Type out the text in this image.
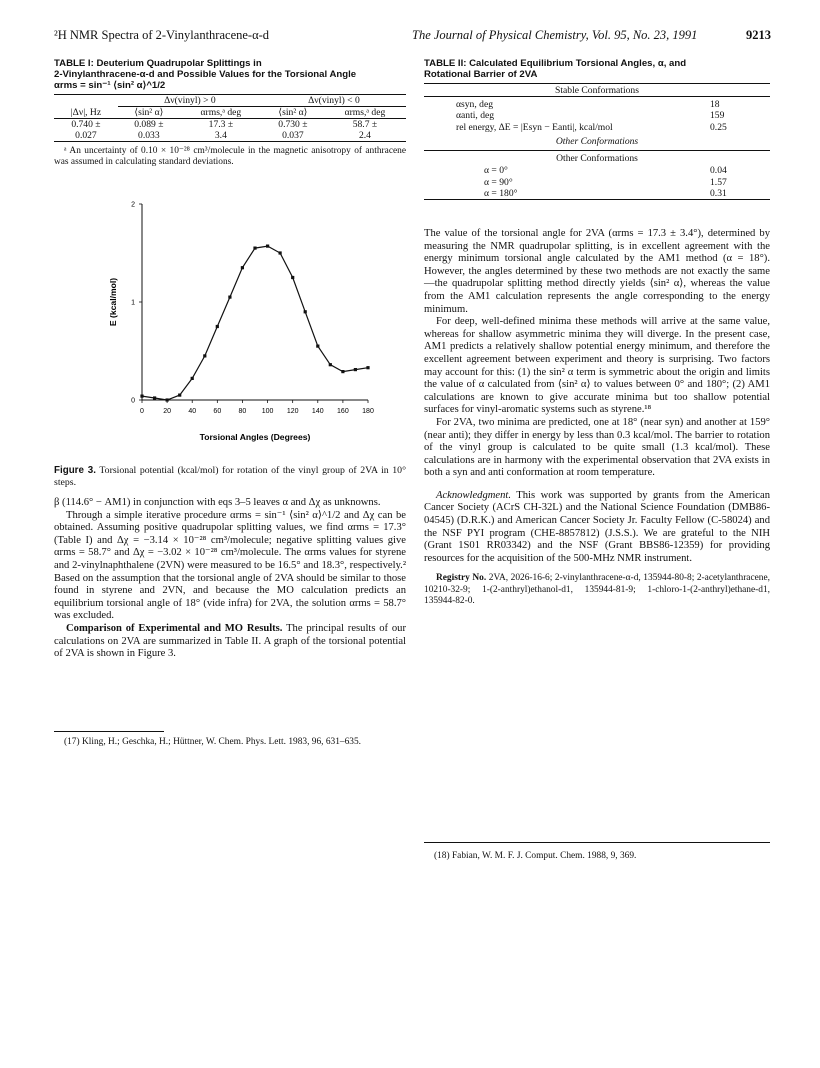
²H NMR Spectra of 2-Vinylanthracene-α-d	The Journal of Physical Chemistry, Vol. 95, No. 23, 1991	9213
TABLE I: Deuterium Quadrupolar Splittings in
2-Vinylanthracene-α-d and Possible Values for the Torsional Angle
αrms = sin⁻¹ ⟨sin² α⟩^1/2
	Δν(vinyl) > 0		Δν(vinyl) < 0	
|Δν|, Hz	⟨sin² α⟩	αrms,ᵃ deg	⟨sin² α⟩	αrms,ᵃ deg
0.740 ±	0.089 ±	17.3 ±	0.730 ±	58.7 ±
0.027	0.033	3.4	0.037	2.4
ᵃ An uncertainty of 0.10 × 10⁻²⁸ cm³/molecule in the magnetic anisotropy of anthracene was assumed in calculating standard deviations.
0	20 40 60 80 100 120 140 160 180
0
1
2
Torsional Angles (Degrees)
E (kcal/mol)
Figure 3. Torsional potential (kcal/mol) for rotation of the vinyl group of 2VA in 10° steps.

β (114.6° − AM1) in conjunction with eqs 3–5 leaves α and Δχ as unknowns.

Through a simple iterative procedure αrms = sin⁻¹ ⟨sin² α⟩^1/2 and Δχ can be obtained. Assuming positive quadrupolar splitting values, we find αrms = 17.3° (Table I) and Δχ = −3.14 × 10⁻²⁸ cm³/molecule; negative splitting values give αrms = 58.7° and Δχ = −3.02 × 10⁻²⁸ cm³/molecule. The αrms values for styrene and 2-vinylnaphthalene (2VN) were measured to be 16.5° and 18.3°, respectively.² Based on the assumption that the torsional angle of 2VA should be similar to those found in styrene and 2VN, and because the MO calculation predicts an equilibrium torsional angle of 18° (vide infra) for 2VA, the solution αrms = 58.7° was excluded.

Comparison of Experimental and MO Results. The principal results of our calculations on 2VA are summarized in Table II. A graph of the torsional potential of 2VA is shown in Figure 3.

(17) Kling, H.; Geschka, H.; Hüttner, W. Chem. Phys. Lett. 1983, 96, 631–635.
TABLE II: Calculated Equilibrium Torsional Angles, α, and
Rotational Barrier of 2VA
Stable Conformations
αsyn, deg	18
αanti, deg	159
rel energy, ΔE = |Esyn − Eanti|, kcal/mol	0.25
Other Conformations
Other Conformations
α = 0°	0.04
α = 90°	1.57
α = 180°	0.31

The value of the torsional angle for 2VA (αrms = 17.3 ± 3.4°), determined by measuring the NMR quadrupolar splitting, is in excellent agreement with the energy minimum torsional angle calculated by the AM1 method (α = 18°). However, the angles determined by these two methods are not exactly the same—the quadrupolar splitting method directly yields ⟨sin² α⟩, whereas the value from the AM1 calculation represents the angle corresponding to the energy minimum.

For deep, well-defined minima these methods will arrive at the same value, whereas for shallow asymmetric minima they will diverge. In the present case, AM1 predicts a relatively shallow potential energy minimum, and therefore the excellent agreement between experiment and theory is surprising. Two factors may account for this: (1) the sin² α term is symmetric about the origin and limits the value of α calculated from ⟨sin² α⟩ to values between 0° and 180°; (2) AM1 calculations are known to give accurate minima but too shallow potential surfaces for vinyl-aromatic systems such as styrene.¹⁸

For 2VA, two minima are predicted, one at 18° (near syn) and another at 159° (near anti); they differ in energy by less than 0.3 kcal/mol. The barrier to rotation of the vinyl group is calculated to be quite small (1.3 kcal/mol). These calculations are in harmony with the experimental observation that 2VA exists in both a syn and anti conformation at room temperature.

Acknowledgment. This work was supported by grants from the American Cancer Society (ACrS CH-32L) and the National Science Foundation (DMB86-04545) (D.R.K.) and American Cancer Society Jr. Faculty Fellow (C-58024) and the NSF PYI program (CHE-8857812) (J.S.S.). We are grateful to the NIH (Grant 1S01 RR03342) and the NSF (Grant BBS86-12359) for providing resources for the acquisition of the 500-MHz NMR instrument.

Registry No. 2VA, 2026-16-6; 2-vinylanthracene-α-d, 135944-80-8; 2-acetylanthracene, 10210-32-9; 1-(2-anthryl)ethanol-d1, 135944-81-9; 1-chloro-1-(2-anthryl)ethane-d1, 135944-82-0.

(18) Fabian, W. M. F. J. Comput. Chem. 1988, 9, 369.
